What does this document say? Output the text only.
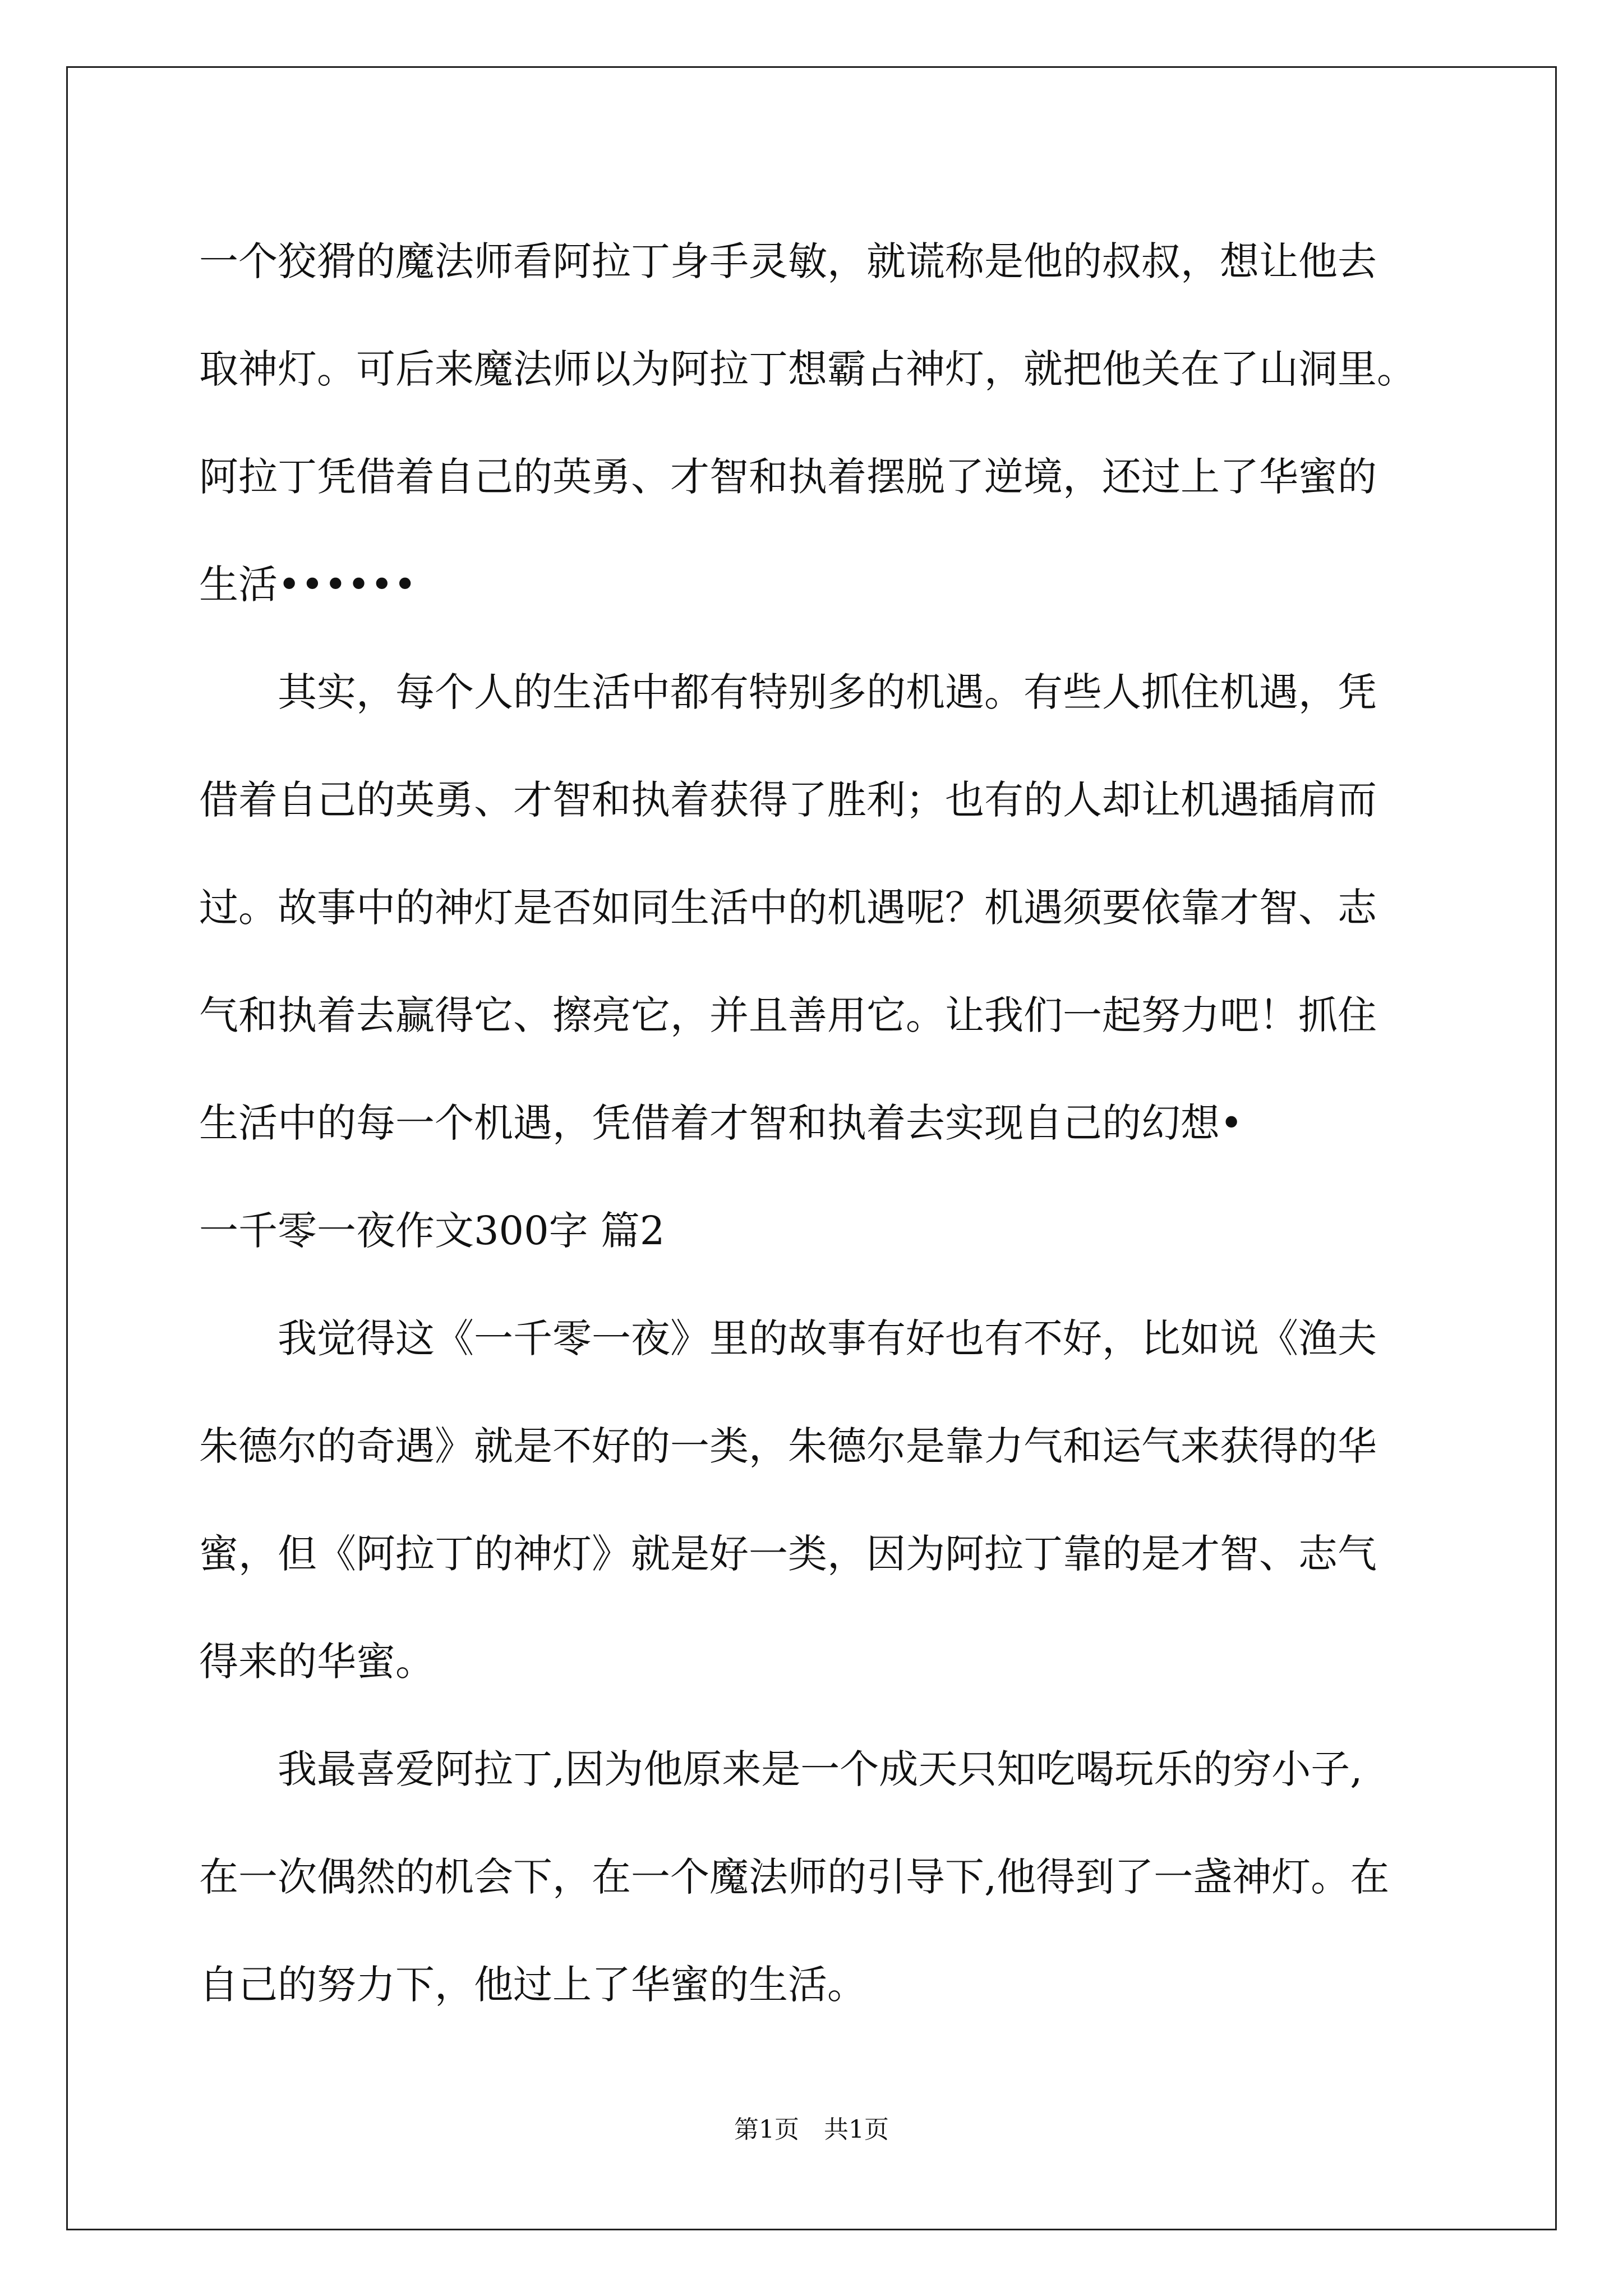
一个狡猾的魔法师看阿拉丁身手灵敏，就谎称是他的叔叔，想让他去
取神灯。可后来魔法师以为阿拉丁想霸占神灯，就把他关在了山洞里。
阿拉丁凭借着自己的英勇、才智和执着摆脱了逆境，还过上了华蜜的
生活••••••
其实，每个人的生活中都有特别多的机遇。有些人抓住机遇，凭
借着自己的英勇、才智和执着获得了胜利；也有的人却让机遇插肩而
过。故事中的神灯是否如同生活中的机遇呢？机遇须要依靠才智、志
气和执着去赢得它、擦亮它，并且善用它。让我们一起努力吧！抓住
生活中的每一个机遇，凭借着才智和执着去实现自己的幻想•
一千零一夜作文300字 篇2
我觉得这《一千零一夜》里的故事有好也有不好，比如说《渔夫
朱德尔的奇遇》就是不好的一类，朱德尔是靠力气和运气来获得的华
蜜，但《阿拉丁的神灯》就是好一类，因为阿拉丁靠的是才智、志气
得来的华蜜。
我最喜爱阿拉丁,因为他原来是一个成天只知吃喝玩乐的穷小子,
在一次偶然的机会下，在一个魔法师的引导下,他得到了一盏神灯。在
自己的努力下，他过上了华蜜的生活。
第1页　共1页
